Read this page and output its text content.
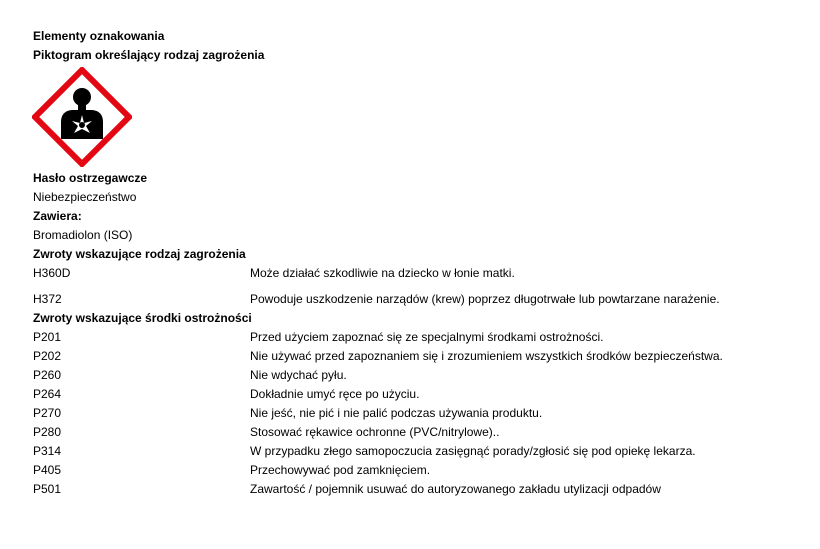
Elementy oznakowania
Piktogram określający rodzaj zagrożenia
Hasło ostrzegawcze
Niebezpieczeństwo
Zawiera:
Bromadiolon (ISO)
Zwroty wskazujące rodzaj zagrożenia
H360D	Może działać szkodliwie na dziecko w łonie matki.
H372	Powoduje uszkodzenie narządów (krew) poprzez długotrwałe lub powtarzane narażenie.
Zwroty wskazujące środki ostrożności
P201	Przed użyciem zapoznać się ze specjalnymi środkami ostrożności.
P202	Nie używać przed zapoznaniem się i zrozumieniem wszystkich środków bezpieczeństwa.
P260	Nie wdychać pyłu.
P264	Dokładnie umyć ręce po użyciu.
P270	Nie jeść, nie pić i nie palić podczas używania produktu.
P280	Stosować rękawice ochronne (PVC/nitrylowe)..
P314	W przypadku złego samopoczucia zasięgnąć porady/zgłosić się pod opiekę lekarza.
P405	Przechowywać pod zamknięciem.
P501	Zawartość / pojemnik usuwać do autoryzowanego zakładu utylizacji odpadów
